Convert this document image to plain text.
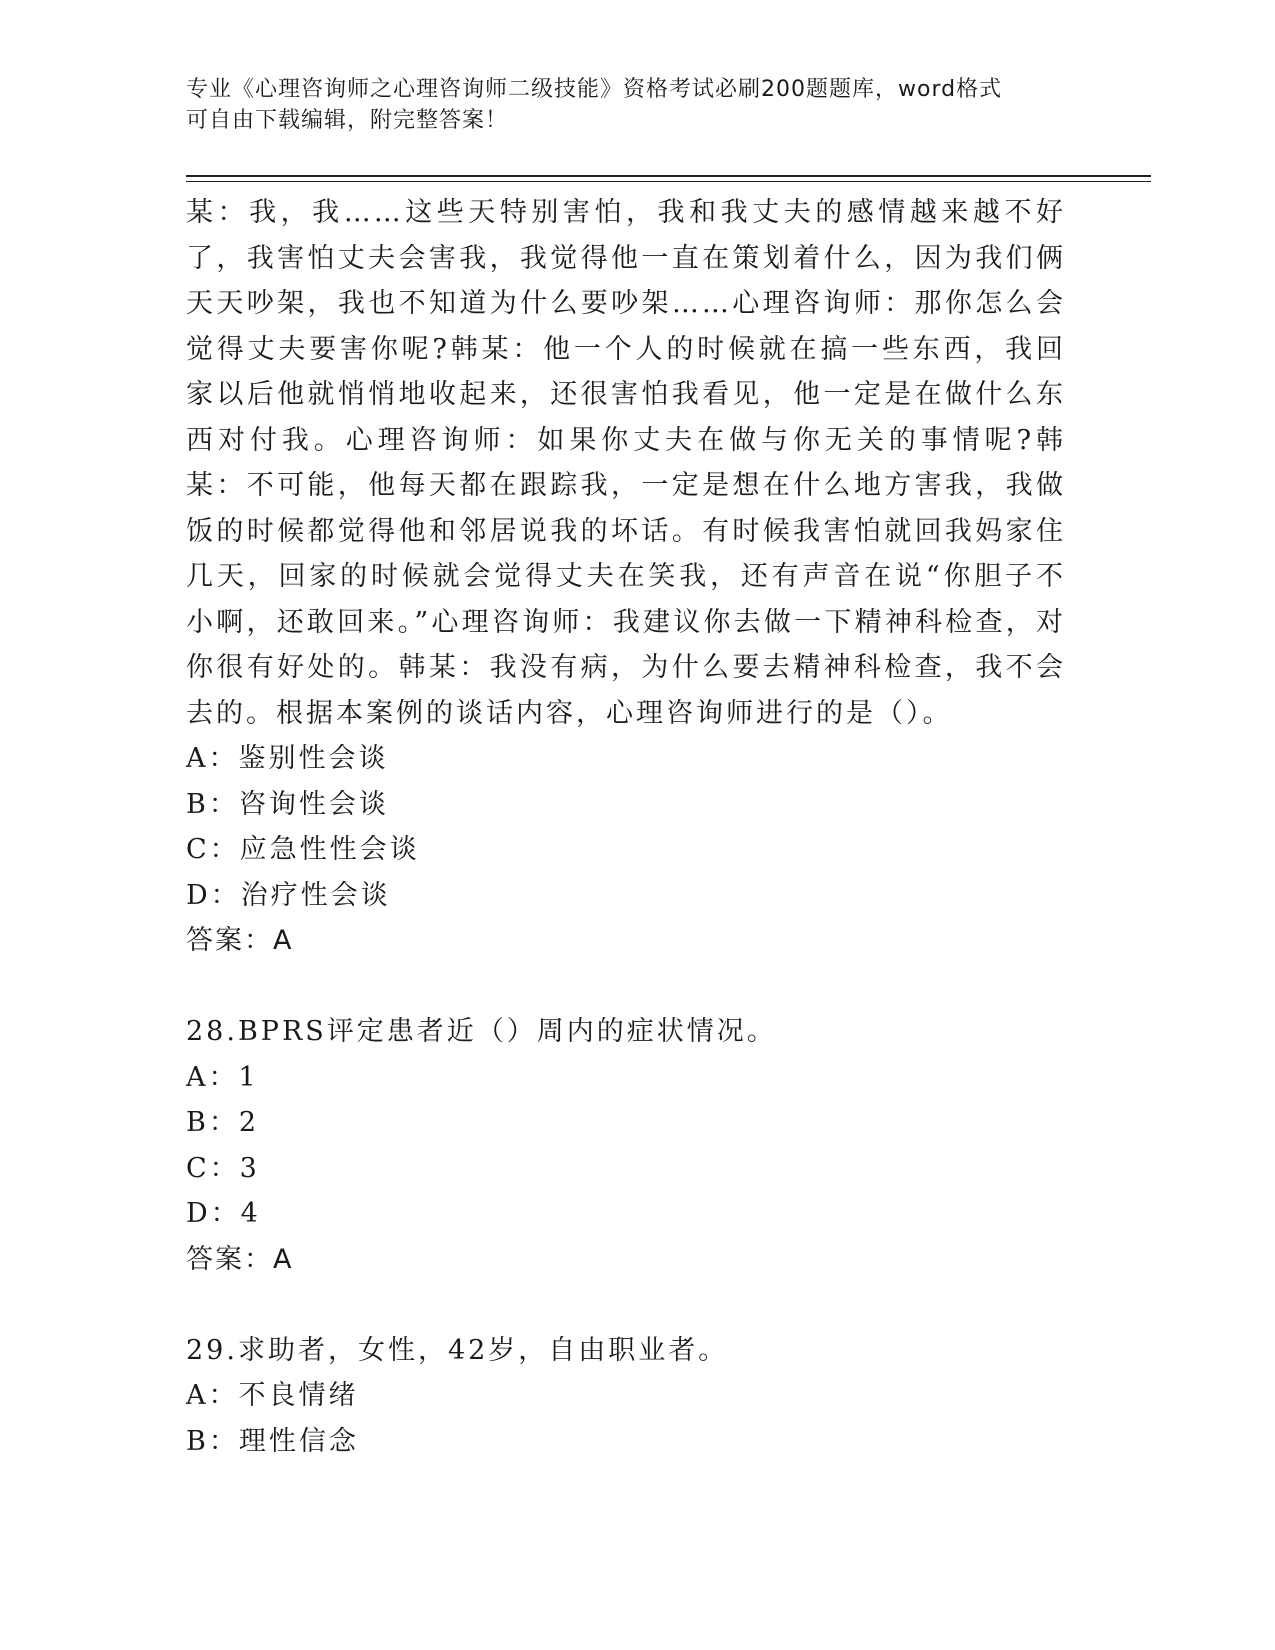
专业《心理咨询师之心理咨询师二级技能》资格考试必刷200题题库，word格式
可自由下载编辑，附完整答案！

某：我，我……这些天特别害怕，我和我丈夫的感情越来越不好了，我害怕丈夫会害我，我觉得他一直在策划着什么，因为我们俩天天吵架，我也不知道为什么要吵架……心理咨询师：那你怎么会觉得丈夫要害你呢?韩某：他一个人的时候就在搞一些东西，我回家以后他就悄悄地收起来，还很害怕我看见，他一定是在做什么东西对付我。心理咨询师：如果你丈夫在做与你无关的事情呢?韩某：不可能，他每天都在跟踪我，一定是想在什么地方害我，我做饭的时候都觉得他和邻居说我的坏话。有时候我害怕就回我妈家住几天，回家的时候就会觉得丈夫在笑我，还有声音在说“你胆子不小啊，还敢回来。”心理咨询师：我建议你去做一下精神科检查，对你很有好处的。韩某：我没有病，为什么要去精神科检查，我不会去的。根据本案例的谈话内容，心理咨询师进行的是（）。

A：鉴别性会谈

B：咨询性会谈

C：应急性性会谈

D：治疗性会谈

答案：A

28.BPRS评定患者近（）周内的症状情况。

A：1

B：2

C：3

D：4

答案：A

29.求助者，女性，42岁，自由职业者。

A：不良情绪

B：理性信念
